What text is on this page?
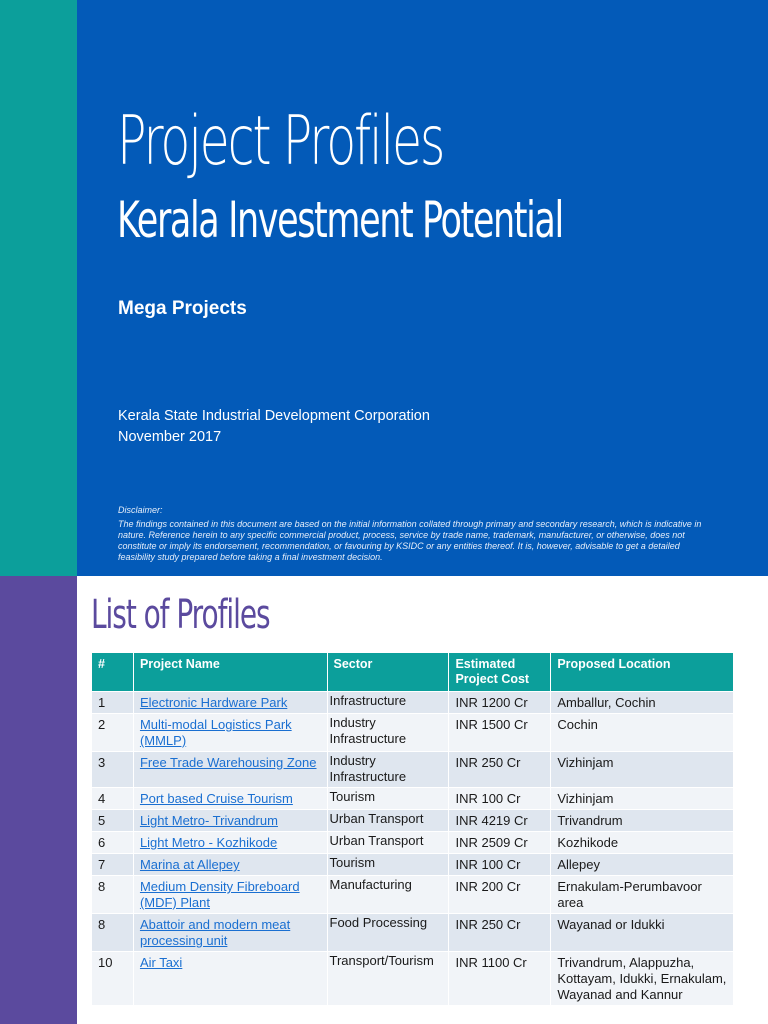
Project Profiles
Kerala Investment Potential
Mega Projects
Kerala State Industrial Development Corporation
November 2017

Disclaimer:

The findings contained in this document are based on the initial information collated through primary and secondary research, which is indicative in nature. Reference herein to any specific commercial product, process, service by trade name, trademark, manufacturer, or otherwise, does not constitute or imply its endorsement, recommendation, or favouring by KSIDC or any entities thereof. It is, however, advisable to get a detailed feasibility study prepared before taking a final investment decision.

List of Profiles
#	Project Name	Sector	Estimated Project Cost	Proposed Location
1	Electronic Hardware Park	Infrastructure	INR 1200 Cr	Amballur, Cochin
2	Multi-modal Logistics Park (MMLP)	Industry Infrastructure	INR 1500 Cr	Cochin
3	Free Trade Warehousing Zone	Industry Infrastructure	INR 250 Cr	Vizhinjam
4	Port based Cruise Tourism	Tourism	INR 100 Cr	Vizhinjam
5	Light Metro- Trivandrum	Urban Transport	INR 4219 Cr	Trivandrum
6	Light Metro - Kozhikode	Urban Transport	INR 2509 Cr	Kozhikode
7	Marina at Allepey	Tourism	INR 100 Cr	Allepey
8	Medium Density Fibreboard (MDF) Plant	Manufacturing	INR 200 Cr	Ernakulam-Perumbavoor area
8	Abattoir and modern meat processing unit	Food Processing	INR 250 Cr	Wayanad or Idukki
10	Air Taxi	Transport/Tourism	INR 1100 Cr	Trivandrum, Alappuzha, Kottayam, Idukki, Ernakulam, Wayanad and Kannur
